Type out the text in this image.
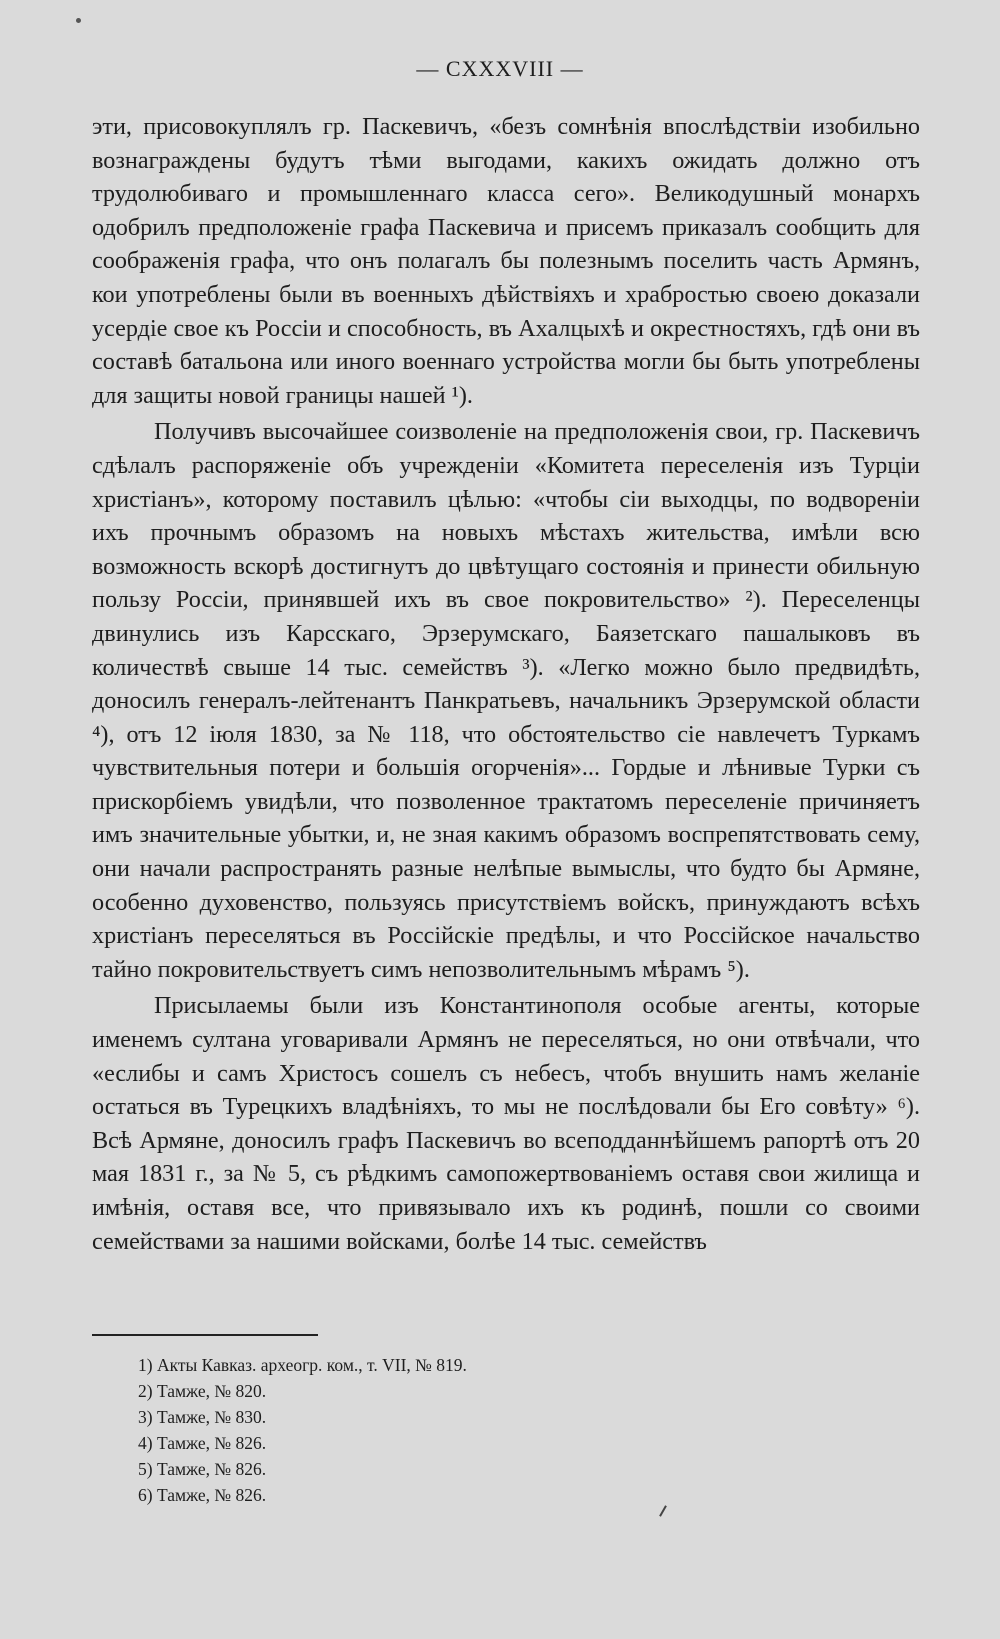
— CXXXVIII —

эти, присовокуплялъ гр. Паскевичъ, «безъ сомнѣнія впослѣдствіи изобильно вознаграждены будутъ тѣми выгодами, какихъ ожидать должно отъ трудолюбиваго и промышленнаго класса сего». Великодушный монархъ одобрилъ предположеніе графа Паскевича и присемъ приказалъ сообщить для соображенія графа, что онъ полагалъ бы полезнымъ поселить часть Армянъ, кои употреблены были въ военныхъ дѣйствіяхъ и храбростью своею доказали усердіе свое къ Россіи и способность, въ Ахалцыхѣ и окрестностяхъ, гдѣ они въ составѣ батальона или иного военнаго устройства могли бы быть употреблены для защиты новой границы нашей ¹).

Получивъ высочайшее соизволеніе на предположенія свои, гр. Паскевичъ сдѣлалъ распоряженіе объ учрежденіи «Комитета переселенія изъ Турціи христіанъ», которому поставилъ цѣлью: «чтобы сіи выходцы, по водвореніи ихъ прочнымъ образомъ на новыхъ мѣстахъ жительства, имѣли всю возможность вскорѣ достигнутъ до цвѣтущаго состоянія и принести обильную пользу Россіи, принявшей ихъ въ свое покровительство» ²). Переселенцы двинулись изъ Карсскаго, Эрзерумскаго, Баязетскаго пашалыковъ въ количествѣ свыше 14 тыс. семействъ ³). «Легко можно было предвидѣть, доносилъ генералъ-лейтенантъ Панкратьевъ, начальникъ Эрзерумской области ⁴), отъ 12 іюля 1830, за № 118, что обстоятельство сіе навлечетъ Туркамъ чувствительныя потери и большія огорченія»... Гордые и лѣнивые Турки съ прискорбіемъ увидѣли, что позволенное трактатомъ переселеніе причиняетъ имъ значительные убытки, и, не зная какимъ образомъ воспрепятствовать сему, они начали распространять разные нелѣпые вымыслы, что будто бы Армяне, особенно духовенство, пользуясь присутствіемъ войскъ, принуждаютъ всѣхъ христіанъ переселяться въ Россійскіе предѣлы, и что Россійское начальство тайно покровительствуетъ симъ непозволительнымъ мѣрамъ ⁵).

Присылаемы были изъ Константинополя особые агенты, которые именемъ султана уговаривали Армянъ не переселяться, но они отвѣчали, что «еслибы и самъ Христосъ сошелъ съ небесъ, чтобъ внушить намъ желаніе остаться въ Турецкихъ владѣніяхъ, то мы не послѣдовали бы Его совѣту» ⁶). Всѣ Армяне, доносилъ графъ Паскевичъ во всеподданнѣйшемъ рапортѣ отъ 20 мая 1831 г., за № 5, съ рѣдкимъ самопожертвованіемъ оставя свои жилища и имѣнія, оставя все, что привязывало ихъ къ родинѣ, пошли со своими семействами за нашими войсками, болѣе 14 тыс. семействъ

1) Акты Кавказ. археогр. ком., т. VII, № 819.
2) Тамже, № 820.
3) Тамже, № 830.
4) Тамже, № 826.
5) Тамже, № 826.
6) Тамже, № 826.
